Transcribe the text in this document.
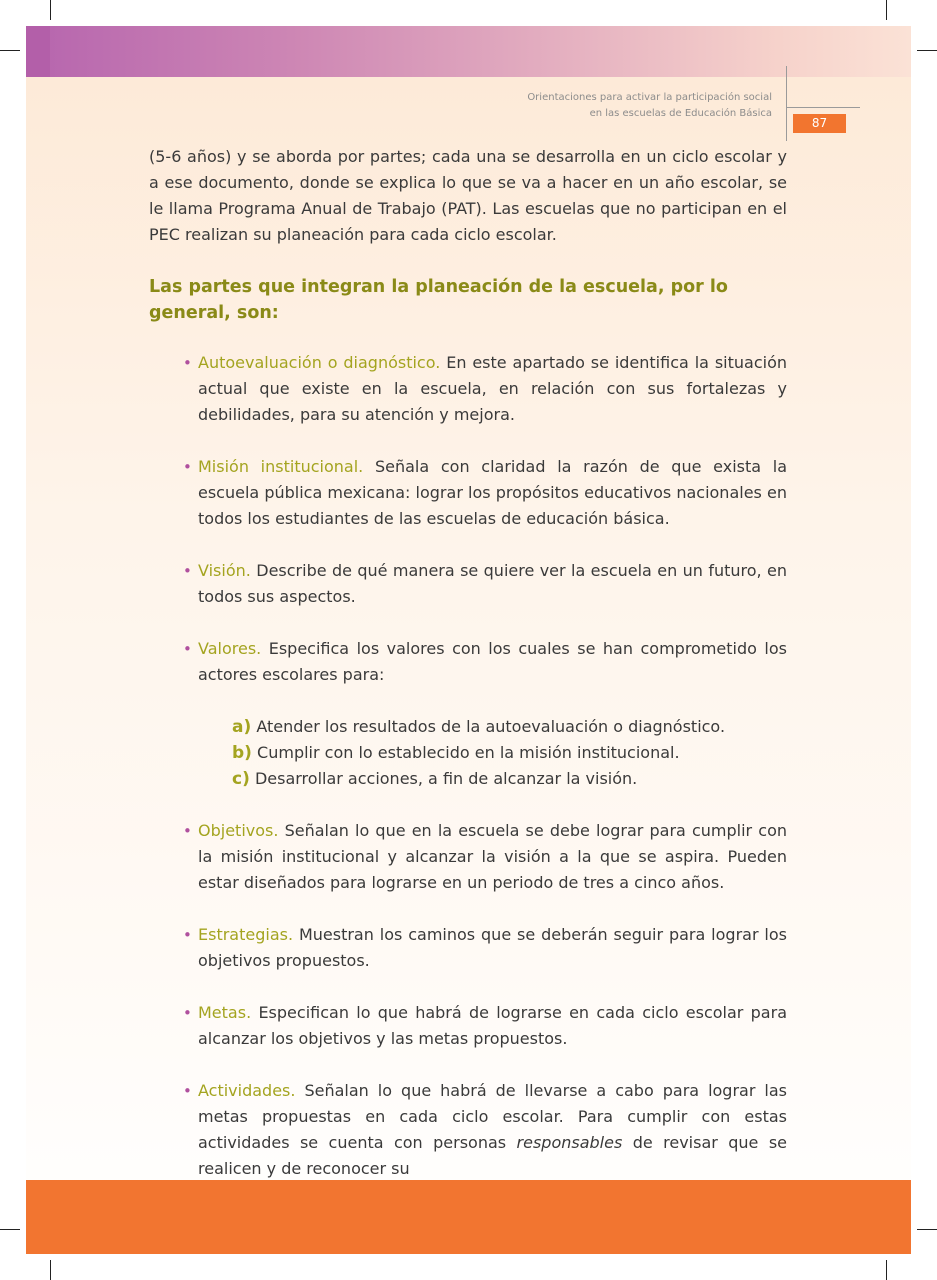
Orientaciones para activar la participación social
en las escuelas de Educación Básica
87

(5-6 años) y se aborda por partes; cada una se desarrolla en un ciclo escolar y a ese documento, donde se explica lo que se va a hacer en un año escolar, se le llama Programa Anual de Trabajo (PAT). Las escuelas que no participan en el PEC realizan su planeación para cada ciclo escolar.

Las partes que integran la planeación de la escuela, por lo general, son:

• Autoevaluación o diagnóstico. En este apartado se identifica la situación actual que existe en la escuela, en relación con sus fortalezas y debilidades, para su atención y mejora.
• Misión institucional. Señala con claridad la razón de que exista la escuela pública mexicana: lograr los propósitos educativos nacionales en todos los estudiantes de las escuelas de educación básica.
• Visión. Describe de qué manera se quiere ver la escuela en un futuro, en todos sus aspectos.
• Valores. Especifica los valores con los cuales se han comprometido los actores escolares para:
a) Atender los resultados de la autoevaluación o diagnóstico.
b) Cumplir con lo establecido en la misión institucional.
c) Desarrollar acciones, a fin de alcanzar la visión.
• Objetivos. Señalan lo que en la escuela se debe lograr para cumplir con la misión institucional y alcanzar la visión a la que se aspira. Pueden estar diseñados para lograrse en un periodo de tres a cinco años.
• Estrategias. Muestran los caminos que se deberán seguir para lograr los objetivos propuestos.
• Metas. Especifican lo que habrá de lograrse en cada ciclo escolar para alcanzar los objetivos y las metas propuestos.
• Actividades. Señalan lo que habrá de llevarse a cabo para lograr las metas propuestas en cada ciclo escolar. Para cumplir con estas actividades se cuenta con personas responsables de revisar que se realicen y de reconocer su
